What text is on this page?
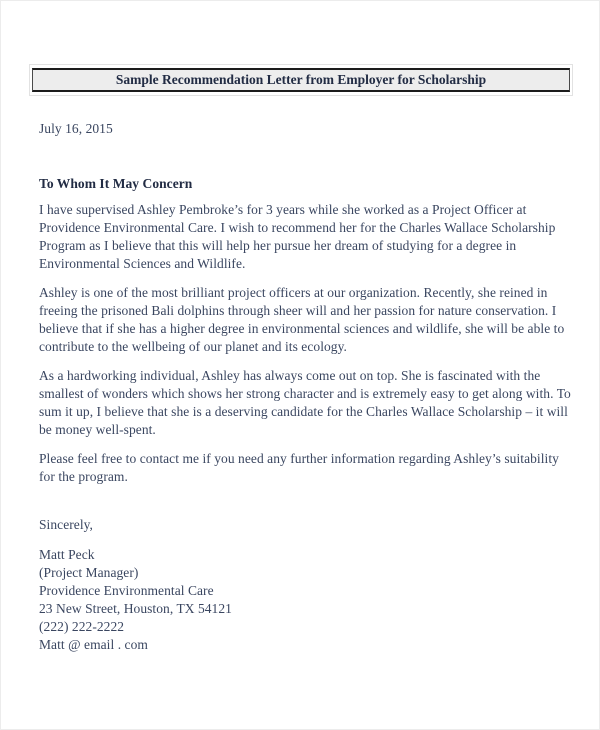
Sample Recommendation Letter from Employer for Scholarship
July 16, 2015
To Whom It May Concern

I have supervised Ashley Pembroke’s for 3 years while she worked as a Project Officer at Providence Environmental Care. I wish to recommend her for the Charles Wallace Scholarship Program as I believe that this will help her pursue her dream of studying for a degree in Environmental Sciences and Wildlife.

Ashley is one of the most brilliant project officers at our organization. Recently, she reined in freeing the prisoned Bali dolphins through sheer will and her passion for nature conservation. I believe that if she has a higher degree in environmental sciences and wildlife, she will be able to contribute to the wellbeing of our planet and its ecology.

As a hardworking individual, Ashley has always come out on top. She is fascinated with the smallest of wonders which shows her strong character and is extremely easy to get along with. To sum it up, I believe that she is a deserving candidate for the Charles Wallace Scholarship – it will be money well-spent.

Please feel free to contact me if you need any further information regarding Ashley’s suitability for the program.

Sincerely,
Matt Peck
(Project Manager)
Providence Environmental Care
23 New Street, Houston, TX 54121
(222) 222-2222
Matt @ email . com
